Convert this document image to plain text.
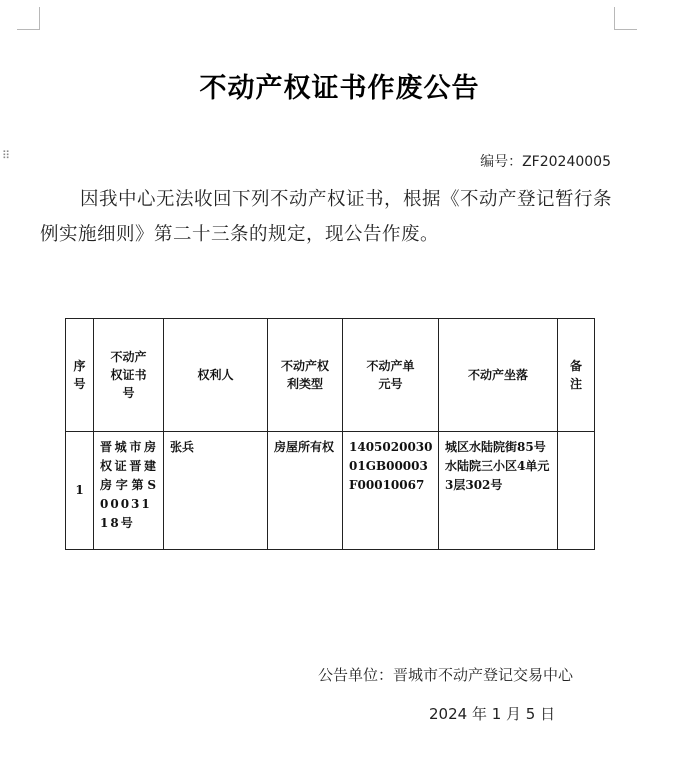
⠿
不动产权证书作废公告
编号：ZF20240005
因我中心无法收回下列不动产权证书，根据《不动产登记暂行条例实施细则》第二十三条的规定，现公告作废。
序号	不动产权证书号	权利人	不动产权利类型	不动产单元号	不动产坐落	备注
1	晋城市房权证晋建房字第S0003118号	张兵	房屋所有权	140502003001GB00003F00010067	城区水陆院街85号水陆院三小区4单元3层302号	
公告单位：晋城市不动产登记交易中心
2024 年 1 月 5 日
